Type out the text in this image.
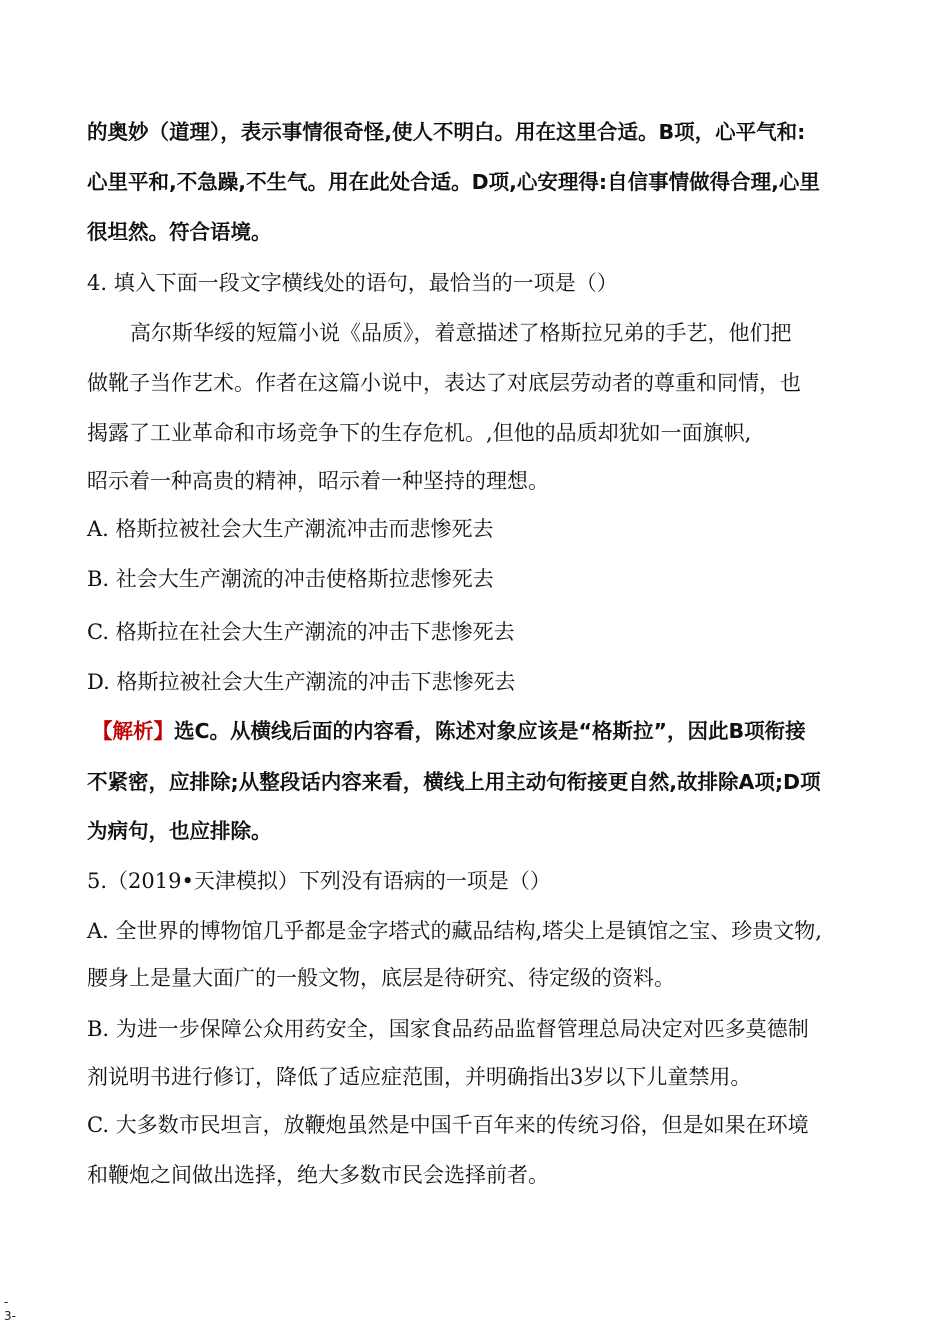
的奥妙（道理），表示事情很奇怪,使人不明白。用在这里合适。B项，心平气和:
心里平和,不急躁,不生气。用在此处合适。D项,心安理得:自信事情做得合理,心里
很坦然。符合语境。
4. 填入下面一段文字横线处的语句，最恰当的一项是（）
高尔斯华绥的短篇小说《品质》，着意描述了格斯拉兄弟的手艺，他们把
做靴子当作艺术。作者在这篇小说中，表达了对底层劳动者的尊重和同情，也
揭露了工业革命和市场竞争下的生存危机。,但他的品质却犹如一面旗帜,
昭示着一种高贵的精神，昭示着一种坚持的理想。
A. 格斯拉被社会大生产潮流冲击而悲惨死去
B. 社会大生产潮流的冲击使格斯拉悲惨死去
C. 格斯拉在社会大生产潮流的冲击下悲惨死去
D. 格斯拉被社会大生产潮流的冲击下悲惨死去
【解析】选C。从横线后面的内容看，陈述对象应该是“格斯拉”，因此B项衔接
不紧密，应排除;从整段话内容来看，横线上用主动句衔接更自然,故排除A项;D项
为病句，也应排除。
5.（2019•天津模拟）下列没有语病的一项是（）
A. 全世界的博物馆几乎都是金字塔式的藏品结构,塔尖上是镇馆之宝、珍贵文物,
腰身上是量大面广的一般文物，底层是待研究、待定级的资料。
B. 为进一步保障公众用药安全，国家食品药品监督管理总局决定对匹多莫德制
剂说明书进行修订，降低了适应症范围，并明确指出3岁以下儿童禁用。
C. 大多数市民坦言，放鞭炮虽然是中国千百年来的传统习俗，但是如果在环境
和鞭炮之间做出选择，绝大多数市民会选择前者。
-
3-
